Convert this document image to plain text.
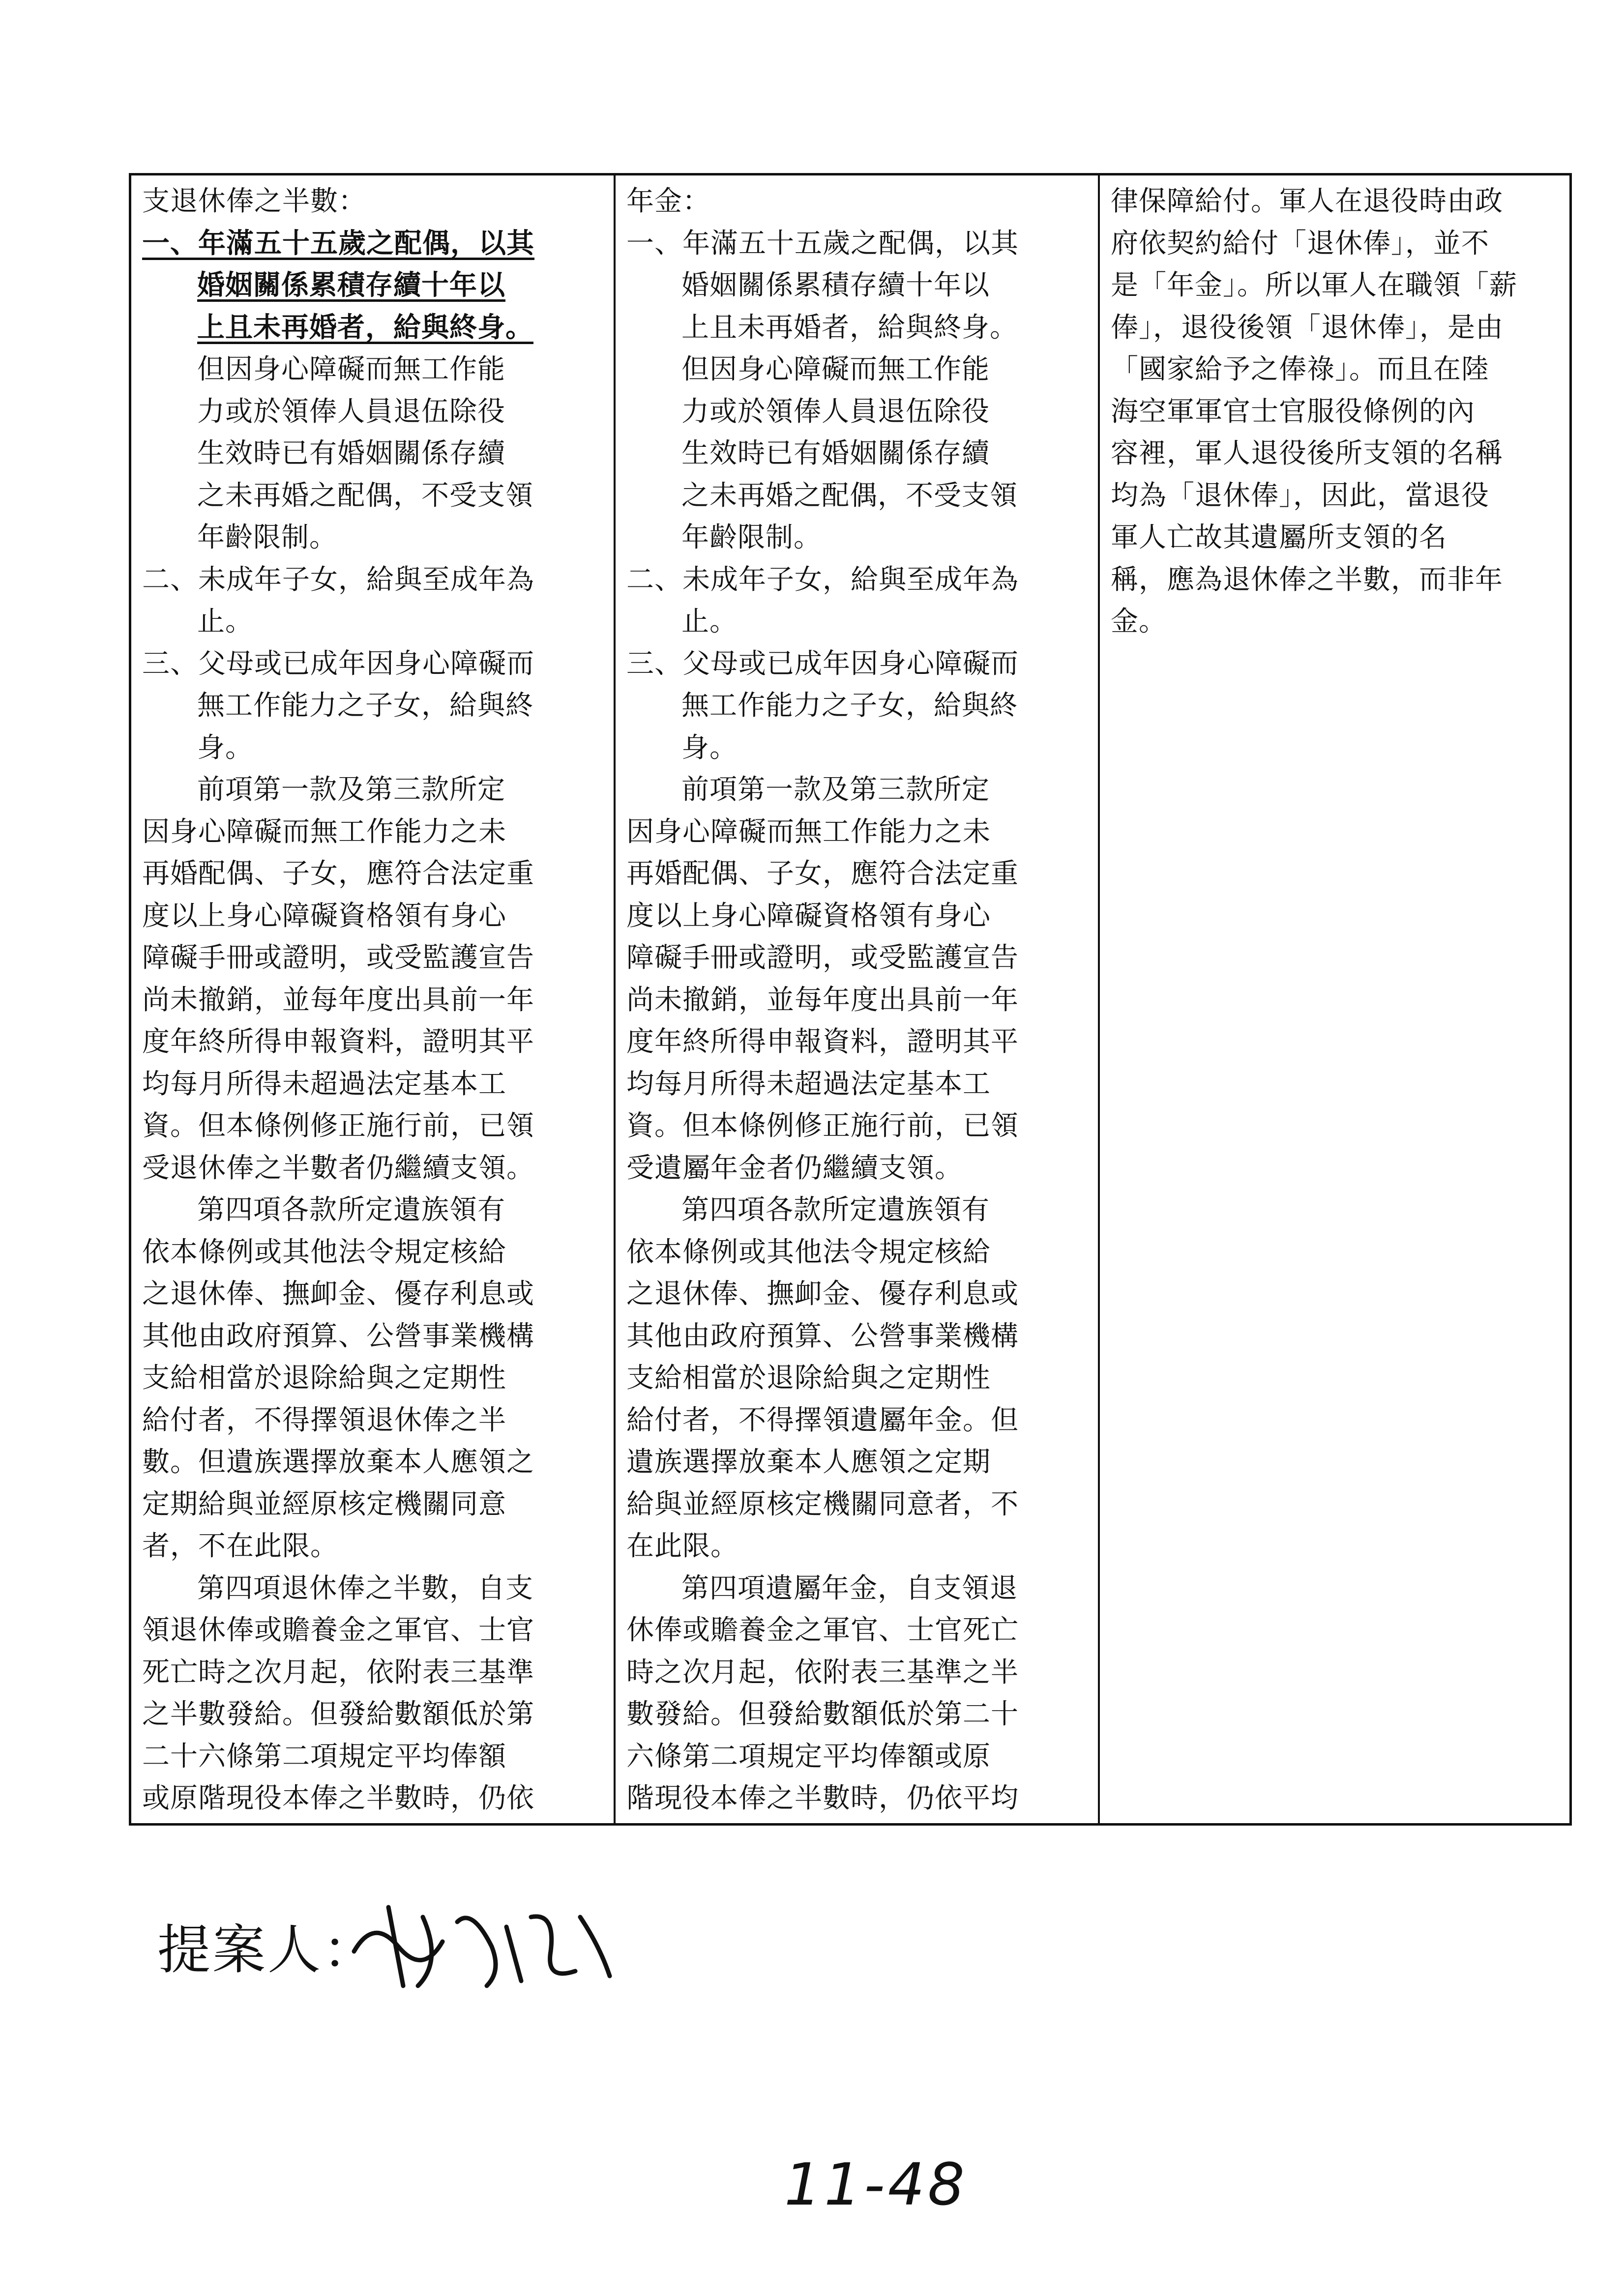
支退休俸之半數：
一、年滿五十五歲之配偶，以其
婚姻關係累積存續十年以
上且未再婚者，給與終身。
但因身心障礙而無工作能
力或於領俸人員退伍除役
生效時已有婚姻關係存續
之未再婚之配偶，不受支領
年齡限制。
二、未成年子女，給與至成年為
止。
三、父母或已成年因身心障礙而
無工作能力之子女，給與終
身。
前項第一款及第三款所定
因身心障礙而無工作能力之未
再婚配偶、子女，應符合法定重
度以上身心障礙資格領有身心
障礙手冊或證明，或受監護宣告
尚未撤銷，並每年度出具前一年
度年終所得申報資料，證明其平
均每月所得未超過法定基本工
資。但本條例修正施行前，已領
受退休俸之半數者仍繼續支領。
第四項各款所定遺族領有
依本條例或其他法令規定核給
之退休俸、撫卹金、優存利息或
其他由政府預算、公營事業機構
支給相當於退除給與之定期性
給付者，不得擇領退休俸之半
數。但遺族選擇放棄本人應領之
定期給與並經原核定機關同意
者，不在此限。
第四項退休俸之半數，自支
領退休俸或贍養金之軍官、士官
死亡時之次月起，依附表三基準
之半數發給。但發給數額低於第
二十六條第二項規定平均俸額
或原階現役本俸之半數時，仍依
年金：
一、年滿五十五歲之配偶，以其
婚姻關係累積存續十年以
上且未再婚者，給與終身。
但因身心障礙而無工作能
力或於領俸人員退伍除役
生效時已有婚姻關係存續
之未再婚之配偶，不受支領
年齡限制。
二、未成年子女，給與至成年為
止。
三、父母或已成年因身心障礙而
無工作能力之子女，給與終
身。
前項第一款及第三款所定
因身心障礙而無工作能力之未
再婚配偶、子女，應符合法定重
度以上身心障礙資格領有身心
障礙手冊或證明，或受監護宣告
尚未撤銷，並每年度出具前一年
度年終所得申報資料，證明其平
均每月所得未超過法定基本工
資。但本條例修正施行前，已領
受遺屬年金者仍繼續支領。
第四項各款所定遺族領有
依本條例或其他法令規定核給
之退休俸、撫卹金、優存利息或
其他由政府預算、公營事業機構
支給相當於退除給與之定期性
給付者，不得擇領遺屬年金。但
遺族選擇放棄本人應領之定期
給與並經原核定機關同意者，不
在此限。
第四項遺屬年金，自支領退
休俸或贍養金之軍官、士官死亡
時之次月起，依附表三基準之半
數發給。但發給數額低於第二十
六條第二項規定平均俸額或原
階現役本俸之半數時，仍依平均
律保障給付。軍人在退役時由政
府依契約給付「退休俸」，並不
是「年金」。所以軍人在職領「薪
俸」，退役後領「退休俸」，是由
「國家給予之俸祿」。而且在陸
海空軍軍官士官服役條例的內
容裡，軍人退役後所支領的名稱
均為「退休俸」，因此，當退役
軍人亡故其遺屬所支領的名
稱，應為退休俸之半數，而非年
金。
提案人：
11-48
